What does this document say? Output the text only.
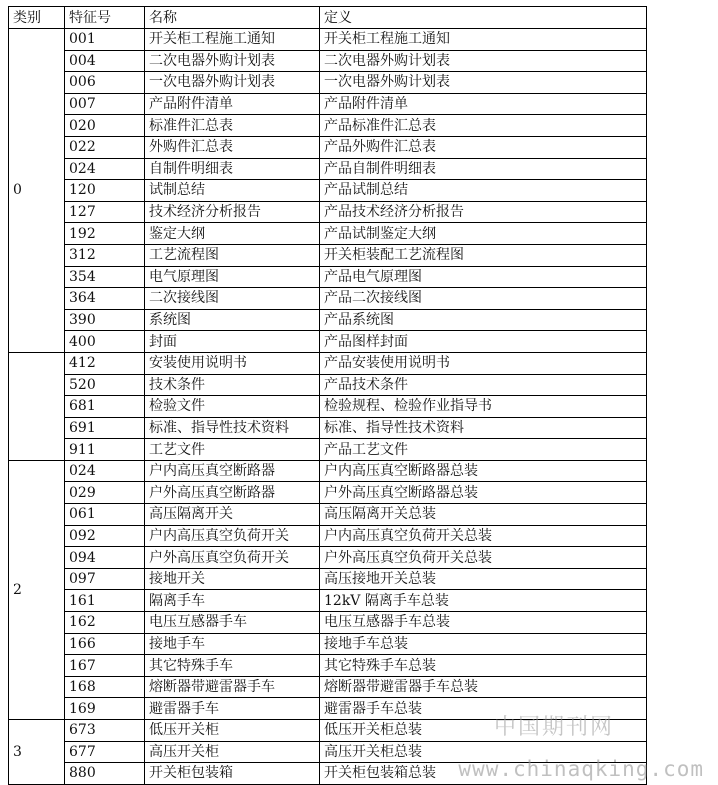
类别	特征号	名称	定义
0	001	开关柜工程施工通知	开关柜工程施工通知
	004	二次电器外购计划表	二次电器外购计划表
	006	一次电器外购计划表	一次电器外购计划表
	007	产品附件清单	产品附件清单
	020	标准件汇总表	产品标准件汇总表
	022	外购件汇总表	产品外购件汇总表
	024	自制件明细表	产品自制件明细表
	120	试制总结	产品试制总结
	127	技术经济分析报告	产品技术经济分析报告
	192	鉴定大纲	产品试制鉴定大纲
	312	工艺流程图	开关柜装配工艺流程图
	354	电气原理图	产品电气原理图
	364	二次接线图	产品二次接线图
	390	系统图	产品系统图
	400	封面	产品图样封面
	412	安装使用说明书	产品安装使用说明书
	520	技术条件	产品技术条件
	681	检验文件	检验规程、检验作业指导书
	691	标准、指导性技术资料	标准、指导性技术资料
	911	工艺文件	产品工艺文件
2	024	户内高压真空断路器	户内高压真空断路器总装
	029	户外高压真空断路器	户外高压真空断路器总装
	061	高压隔离开关	高压隔离开关总装
	092	户内高压真空负荷开关	户内高压真空负荷开关总装
	094	户外高压真空负荷开关	户外高压真空负荷开关总装
	097	接地开关	高压接地开关总装
	161	隔离手车	12kV 隔离手车总装
	162	电压互感器手车	电压互感器手车总装
	166	接地手车	接地手车总装
	167	其它特殊手车	其它特殊手车总装
	168	熔断器带避雷器手车	熔断器带避雷器手车总装
	169	避雷器手车	避雷器手车总装
3	673	低压开关柜	低压开关柜总装
	677	高压开关柜	高压开关柜总装
	880	开关柜包装箱	开关柜包装箱总装
中国期刊网
www.chinaqking.com
